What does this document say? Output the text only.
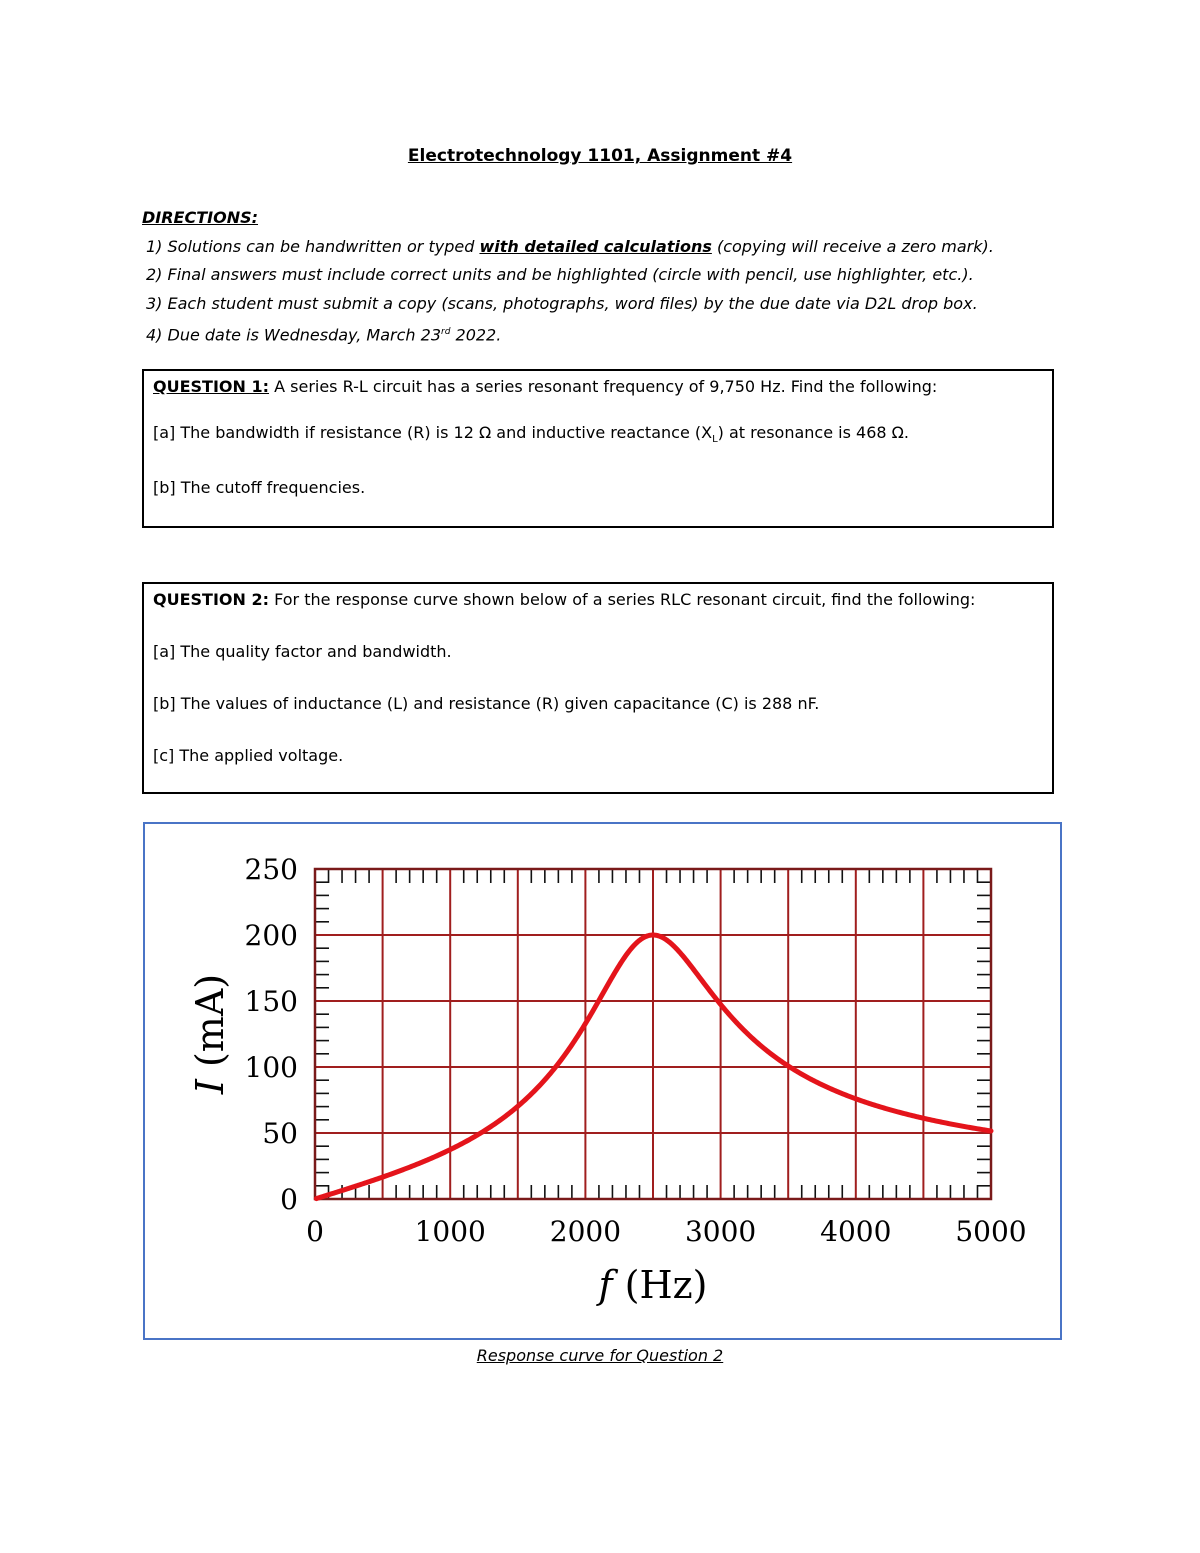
Electrotechnology 1101, Assignment #4
DIRECTIONS:
1) Solutions can be handwritten or typed with detailed calculations (copying will receive a zero mark).
2) Final answers must include correct units and be highlighted (circle with pencil, use highlighter, etc.).
3) Each student must submit a copy (scans, photographs, word files) by the due date via D2L drop box.
4) Due date is Wednesday, March 23rd 2022.

QUESTION 1: A series R-L circuit has a series resonant frequency of 9,750 Hz. Find the following:

[a] The bandwidth if resistance (R) is 12 Ω and inductive reactance $(X_L)$ at resonance is 468 Ω.

[b] The cutoff frequencies.

QUESTION 2: For the response curve shown below of a series RLC resonant circuit, find the following:

[a] The quality factor and bandwidth.

[b] The values of inductance (L) and resistance (R) given capacitance (C) is 288 nF.

[c] The applied voltage.

0	1000 2000 3000 4000 5000
0
50
100
150
200
250
f (Hz)
I (mA)
Response curve for Question 2
